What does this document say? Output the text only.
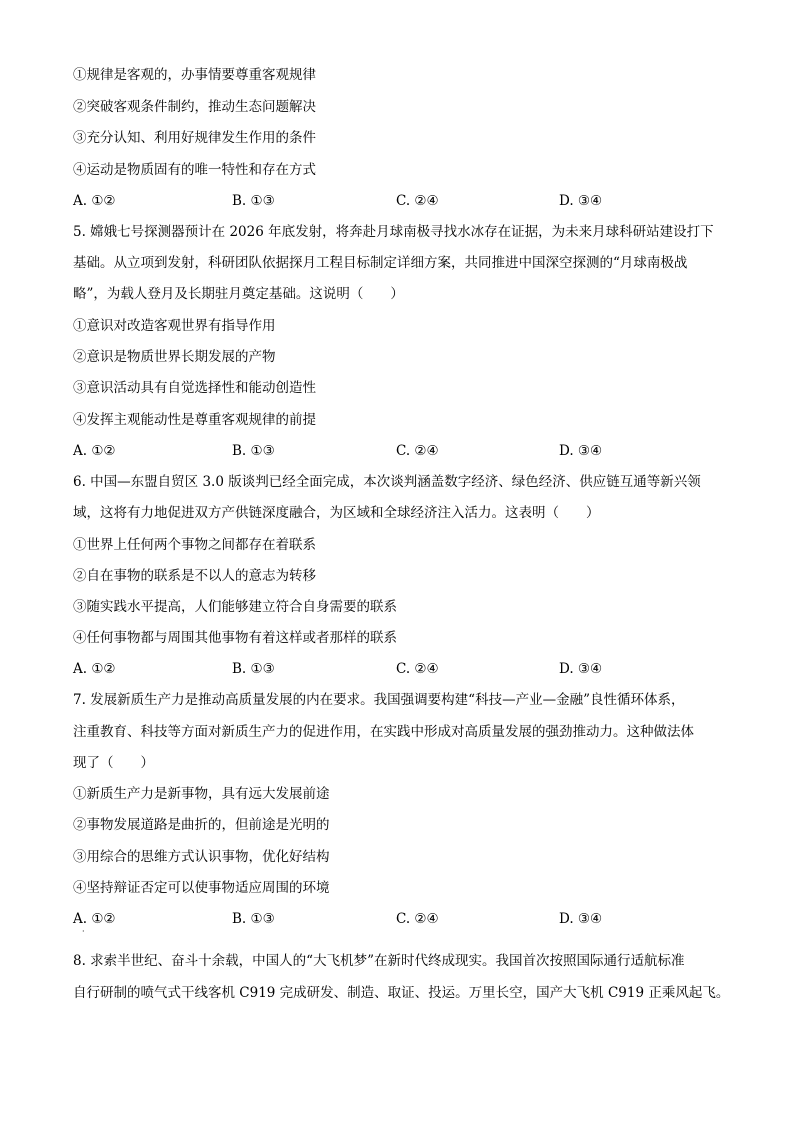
①规律是客观的，办事情要尊重客观规律
②突破客观条件制约，推动生态问题解决
③充分认知、利用好规律发生作用的条件
④运动是物质固有的唯一特性和存在方式
A. ①②	B. ①③	C. ②④	D. ③④
5. 嫦娥七号探测器预计在 2026 年底发射，将奔赴月球南极寻找水冰存在证据，为未来月球科研站建设打下
基础。从立项到发射，科研团队依据探月工程目标制定详细方案，共同推进中国深空探测的“月球南极战
略”，为载人登月及长期驻月奠定基础。这说明（　　）
①意识对改造客观世界有指导作用
②意识是物质世界长期发展的产物
③意识活动具有自觉选择性和能动创造性
④发挥主观能动性是尊重客观规律的前提
A. ①②	B. ①③	C. ②④	D. ③④
6. 中国—东盟自贸区 3.0 版谈判已经全面完成，本次谈判涵盖数字经济、绿色经济、供应链互通等新兴领
域，这将有力地促进双方产供链深度融合，为区域和全球经济注入活力。这表明（　　）
①世界上任何两个事物之间都存在着联系
②自在事物的联系是不以人的意志为转移
③随实践水平提高，人们能够建立符合自身需要的联系
④任何事物都与周围其他事物有着这样或者那样的联系
A. ①②	B. ①③	C. ②④	D. ③④
7. 发展新质生产力是推动高质量发展的内在要求。我国强调要构建“科技—产业—金融”良性循环体系，
注重教育、科技等方面对新质生产力的促进作用，在实践中形成对高质量发展的强劲推动力。这种做法体
现了（　　）
①新质生产力是新事物，具有远大发展前途
②事物发展道路是曲折的，但前途是光明的
③用综合的思维方式认识事物，优化好结构
④坚持辩证否定可以使事物适应周围的环境
A. ①②	B. ①③	C. ②④	D. ③④
·
8. 求索半世纪、奋斗十余载，中国人的“大飞机梦”在新时代终成现实。我国首次按照国际通行适航标准
自行研制的喷气式干线客机 C919 完成研发、制造、取证、投运。万里长空，国产大飞机 C919 正乘风起飞。
